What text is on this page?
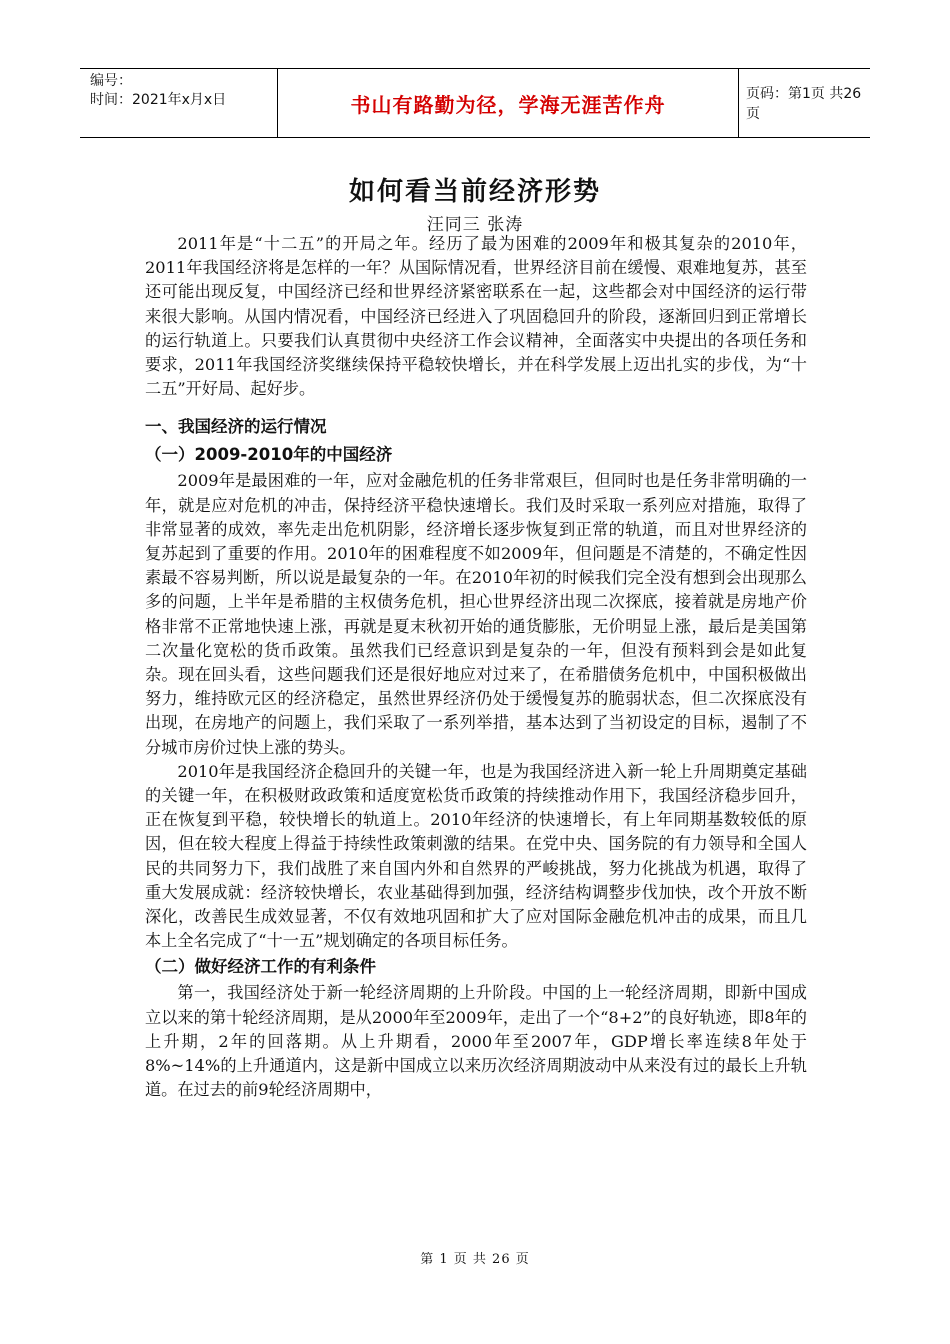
编号：
时间：2021年x月x日	书山有路勤为径，学海无涯苦作舟	页码：第1页 共26页
如何看当前经济形势
汪同三 张涛

2011年是“十二五”的开局之年。经历了最为困难的2009年和极其复杂的2010年，2011年我国经济将是怎样的一年？从国际情况看，世界经济目前在缓慢、艰难地复苏，甚至还可能出现反复，中国经济已经和世界经济紧密联系在一起，这些都会对中国经济的运行带来很大影响。从国内情况看，中国经济已经进入了巩固稳回升的阶段，逐渐回归到正常增长的运行轨道上。只要我们认真贯彻中央经济工作会议精神，全面落实中央提出的各项任务和要求，2011年我国经济奖继续保持平稳较快增长，并在科学发展上迈出扎实的步伐，为“十二五”开好局、起好步。

一、我国经济的运行情况
（一）2009-2010年的中国经济

2009年是最困难的一年，应对金融危机的任务非常艰巨，但同时也是任务非常明确的一年，就是应对危机的冲击，保持经济平稳快速增长。我们及时采取一系列应对措施，取得了非常显著的成效，率先走出危机阴影，经济增长逐步恢复到正常的轨道，而且对世界经济的复苏起到了重要的作用。2010年的困难程度不如2009年，但问题是不清楚的，不确定性因素最不容易判断，所以说是最复杂的一年。在2010年初的时候我们完全没有想到会出现那么多的问题，上半年是希腊的主权债务危机，担心世界经济出现二次探底，接着就是房地产价格非常不正常地快速上涨，再就是夏末秋初开始的通货膨胀，无价明显上涨，最后是美国第二次量化宽松的货币政策。虽然我们已经意识到是复杂的一年，但没有预料到会是如此复杂。现在回头看，这些问题我们还是很好地应对过来了，在希腊债务危机中，中国积极做出努力，维持欧元区的经济稳定，虽然世界经济仍处于缓慢复苏的脆弱状态，但二次探底没有出现，在房地产的问题上，我们采取了一系列举措，基本达到了当初设定的目标，遏制了不分城市房价过快上涨的势头。

2010年是我国经济企稳回升的关键一年，也是为我国经济进入新一轮上升周期奠定基础的关键一年，在积极财政政策和适度宽松货币政策的持续推动作用下，我国经济稳步回升，正在恢复到平稳，较快增长的轨道上。2010年经济的快速增长，有上年同期基数较低的原因，但在较大程度上得益于持续性政策刺激的结果。在党中央、国务院的有力领导和全国人民的共同努力下，我们战胜了来自国内外和自然界的严峻挑战，努力化挑战为机遇，取得了重大发展成就：经济较快增长，农业基础得到加强，经济结构调整步伐加快，改个开放不断深化，改善民生成效显著，不仅有效地巩固和扩大了应对国际金融危机冲击的成果，而且几本上全名完成了“十一五”规划确定的各项目标任务。

（二）做好经济工作的有利条件

第一，我国经济处于新一轮经济周期的上升阶段。中国的上一轮经济周期，即新中国成立以来的第十轮经济周期，是从2000年至2009年，走出了一个“8+2”的良好轨迹，即8年的上升期，2年的回落期。从上升期看，2000年至2007年，GDP增长率连续8年处于8%~14%的上升通道内，这是新中国成立以来历次经济周期波动中从来没有过的最长上升轨道。在过去的前9轮经济周期中，

第 1 页 共 26 页
